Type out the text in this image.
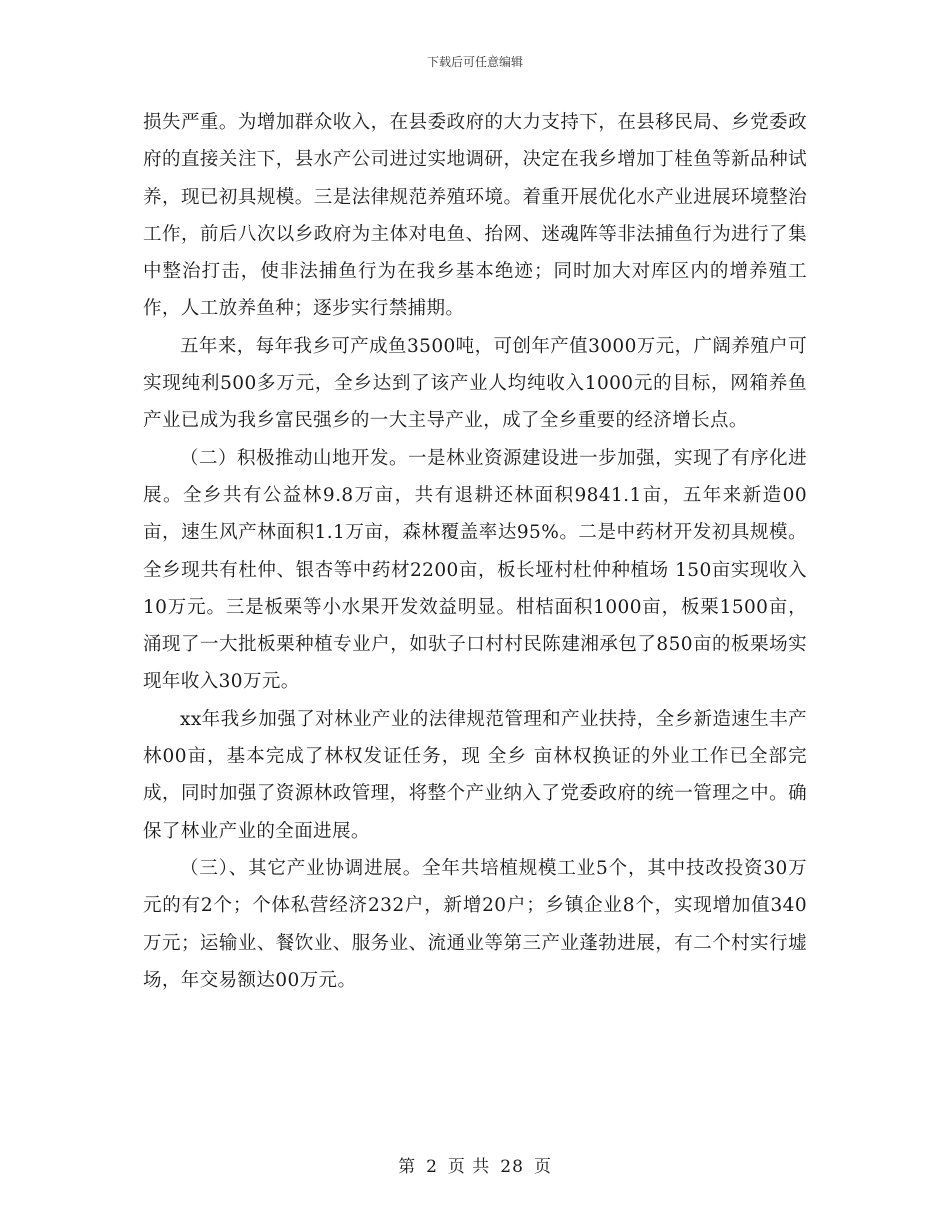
下载后可任意编辑

损失严重。为增加群众收入，在县委政府的大力支持下，在县移民局、乡党委政府的直接关注下，县水产公司进过实地调研，决定在我乡增加丁桂鱼等新品种试养，现已初具规模。三是法律规范养殖环境。着重开展优化水产业进展环境整治工作，前后八次以乡政府为主体对电鱼、抬网、迷魂阵等非法捕鱼行为进行了集中整治打击，使非法捕鱼行为在我乡基本绝迹；同时加大对库区内的增养殖工作，人工放养鱼种；逐步实行禁捕期。

五年来，每年我乡可产成鱼3500吨，可创年产值3000万元，广阔养殖户可实现纯利500多万元，全乡达到了该产业人均纯收入1000元的目标，网箱养鱼产业已成为我乡富民强乡的一大主导产业，成了全乡重要的经济增长点。

（二）积极推动山地开发。一是林业资源建设进一步加强，实现了有序化进展。全乡共有公益林9.8万亩，共有退耕还林面积9841.1亩，五年来新造00亩，速生风产林面积1.1万亩，森林覆盖率达95%。二是中药材开发初具规模。全乡现共有杜仲、银杏等中药材2200亩，板长垭村杜仲种植场 150亩实现收入10万元。三是板栗等小水果开发效益明显。柑桔面积1000亩，板栗1500亩，涌现了一大批板栗种植专业户，如驮子口村村民陈建湘承包了850亩的板栗场实现年收入30万元。

xx年我乡加强了对林业产业的法律规范管理和产业扶持，全乡新造速生丰产林00亩，基本完成了林权发证任务，现 全乡 亩林权换证的外业工作已全部完成，同时加强了资源林政管理，将整个产业纳入了党委政府的统一管理之中。确保了林业产业的全面进展。

（三）、其它产业协调进展。全年共培植规模工业5个，其中技改投资30万元的有2个；个体私营经济232户，新增20户；乡镇企业8个，实现增加值340万元；运输业、餐饮业、服务业、流通业等第三产业蓬勃进展，有二个村实行墟场，年交易额达00万元。

第 2 页 共 28 页
